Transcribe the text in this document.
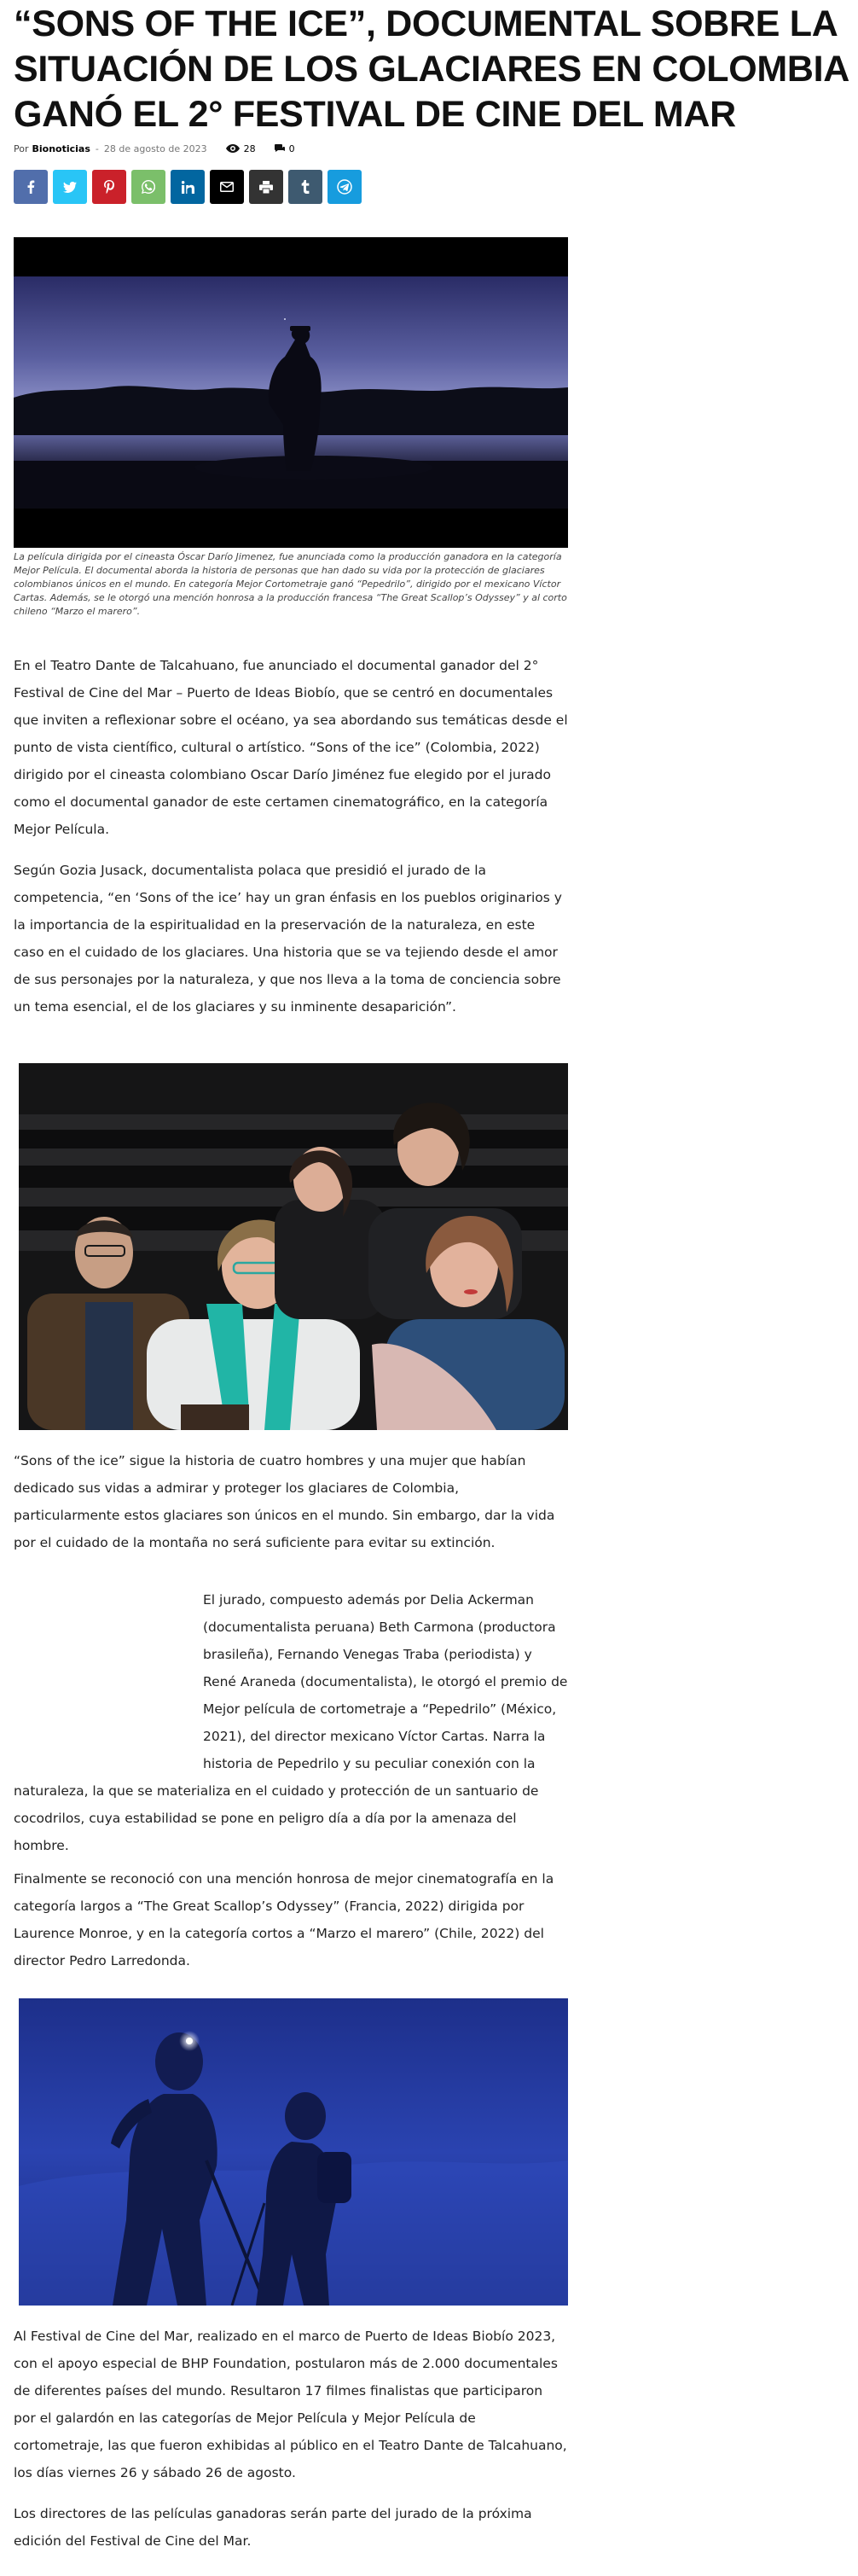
“SONS OF THE ICE”, DOCUMENTAL SOBRE LA SITUACIÓN DE LOS GLACIARES EN COLOMBIA GANÓ EL 2° FESTIVAL DE CINE DEL MAR
Por Bionoticias - 28 de agosto de 2023	28	0
La película dirigida por el cineasta Óscar Darío Jimenez, fue anunciada como la producción ganadora en la categoría Mejor Película. El documental aborda la historia de personas que han dado su vida por la protección de glaciares colombianos únicos en el mundo. En categoría Mejor Cortometraje ganó “Pepedrilo”, dirigido por el mexicano Víctor Cartas. Además, se le otorgó una mención honrosa a la producción francesa “The Great Scallop’s Odyssey” y al corto chileno “Marzo el marero”.
En el Teatro Dante de Talcahuano, fue anunciado el documental ganador del 2° Festival de Cine del Mar – Puerto de Ideas Biobío, que se centró en documentales que inviten a reflexionar sobre el océano, ya sea abordando sus temáticas desde el punto de vista científico, cultural o artístico. “Sons of the ice” (Colombia, 2022) dirigido por el cineasta colombiano Oscar Darío Jiménez fue elegido por el jurado como el documental ganador de este certamen cinematográfico, en la categoría Mejor Película.
Según Gozia Jusack, documentalista polaca que presidió el jurado de la competencia, “en ‘Sons of the ice’ hay un gran énfasis en los pueblos originarios y la importancia de la espiritualidad en la preservación de la naturaleza, en este caso en el cuidado de los glaciares. Una historia que se va tejiendo desde el amor de sus personajes por la naturaleza, y que nos lleva a la toma de conciencia sobre un tema esencial, el de los glaciares y su inminente desaparición”.
“Sons of the ice” sigue la historia de cuatro hombres y una mujer que habían dedicado sus vidas a admirar y proteger los glaciares de Colombia, particularmente estos glaciares son únicos en el mundo. Sin embargo, dar la vida por el cuidado de la montaña no será suficiente para evitar su extinción.
El jurado, compuesto además por Delia Ackerman (documentalista peruana) Beth Carmona (productora brasileña), Fernando Venegas Traba (periodista) y René Araneda (documentalista), le otorgó el premio de Mejor película de cortometraje a “Pepedrilo” (México, 2021), del director mexicano Víctor Cartas. Narra la historia de Pepedrilo y su peculiar conexión con la naturaleza, la que se materializa en el cuidado y protección de un santuario de cocodrilos, cuya estabilidad se pone en peligro día a día por la amenaza del hombre.
Finalmente se reconoció con una mención honrosa de mejor cinematografía en la categoría largos a “The Great Scallop’s Odyssey” (Francia, 2022) dirigida por Laurence Monroe, y en la categoría cortos a “Marzo el marero” (Chile, 2022) del director Pedro Larredonda.
Al Festival de Cine del Mar, realizado en el marco de Puerto de Ideas Biobío 2023, con el apoyo especial de BHP Foundation, postularon más de 2.000 documentales de diferentes países del mundo. Resultaron 17 filmes finalistas que participaron por el galardón en las categorías de Mejor Película y Mejor Película de cortometraje, las que fueron exhibidas al público en el Teatro Dante de Talcahuano, los días viernes 26 y sábado 26 de agosto.
Los directores de las películas ganadoras serán parte del jurado de la próxima edición del Festival de Cine del Mar.
